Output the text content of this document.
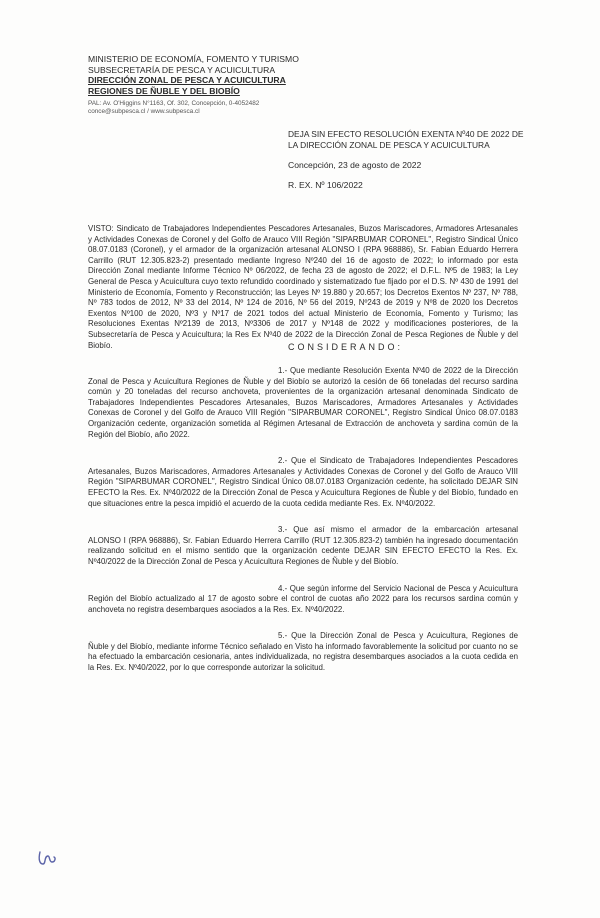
MINISTERIO DE ECONOMÍA, FOMENTO Y TURISMO
SUBSECRETARÍA DE PESCA Y ACUICULTURA
DIRECCIÓN ZONAL DE PESCA Y ACUICULTURA
REGIONES DE ÑUBLE Y DEL BIOBÍO
PAL: Av. O'Higgins N°1163, Of. 302, Concepción, 0-4052482
conce@subpesca.cl / www.subpesca.cl
DEJA SIN EFECTO RESOLUCIÓN EXENTA Nº40 DE 2022 DE
LA DIRECCIÓN ZONAL DE PESCA Y ACUICULTURA
Concepción, 23 de agosto de 2022
R. EX. Nº 106/2022

VISTO: Sindicato de Trabajadores Independientes Pescadores Artesanales, Buzos Mariscadores, Armadores Artesanales y Actividades Conexas de Coronel y del Golfo de Arauco VIII Región "SIPARBUMAR CORONEL", Registro Sindical Único 08.07.0183 (Coronel), y el armador de la organización artesanal ALONSO I (RPA 968886), Sr. Fabian Eduardo Herrera Carrillo (RUT 12.305.823-2) presentado mediante Ingreso Nº240 del 16 de agosto de 2022; lo informado por esta Dirección Zonal mediante Informe Técnico Nº 06/2022, de fecha 23 de agosto de 2022; el D.F.L. Nº5 de 1983; la Ley General de Pesca y Acuicultura cuyo texto refundido coordinado y sistematizado fue fijado por el D.S. Nº 430 de 1991 del Ministerio de Economía, Fomento y Reconstrucción; las Leyes Nº 19.880 y 20.657; los Decretos Exentos Nº 237, Nº 788, Nº 783 todos de 2012, Nº 33 del 2014, Nº 124 de 2016, Nº 56 del 2019, Nº243 de 2019 y Nº8 de 2020 los Decretos Exentos Nº100 de 2020, Nº3 y Nº17 de 2021 todos del actual Ministerio de Economía, Fomento y Turismo; las Resoluciones Exentas Nº2139 de 2013, Nº3306 de 2017 y Nº148 de 2022 y modificaciones posteriores, de la Subsecretaría de Pesca y Acuicultura; la Res Ex Nº40 de 2022 de la Dirección Zonal de Pesca Regiones de Ñuble y del Biobío.	CONSIDERANDO:

1.- Que mediante Resolución Exenta Nº40 de 2022 de la Dirección Zonal de Pesca y Acuicultura Regiones de Ñuble y del Biobío se autorizó la cesión de 66 toneladas del recurso sardina común y 20 toneladas del recurso anchoveta, provenientes de la organización artesanal denominada Sindicato de Trabajadores Independientes Pescadores Artesanales, Buzos Mariscadores, Armadores Artesanales y Actividades Conexas de Coronel y del Golfo de Arauco VIII Región "SIPARBUMAR CORONEL", Registro Sindical Único 08.07.0183 Organización cedente, organización sometida al Régimen Artesanal de Extracción de anchoveta y sardina común de la Región del Biobío, año 2022.

2.- Que el Sindicato de Trabajadores Independientes Pescadores Artesanales, Buzos Mariscadores, Armadores Artesanales y Actividades Conexas de Coronel y del Golfo de Arauco VIII Región "SIPARBUMAR CORONEL", Registro Sindical Único 08.07.0183 Organización cedente, ha solicitado DEJAR SIN EFECTO la Res. Ex. Nº40/2022 de la Dirección Zonal de Pesca y Acuicultura Regiones de Ñuble y del Biobío, fundado en que situaciones entre la pesca impidió el acuerdo de la cuota cedida mediante Res. Ex. Nº40/2022.

3.- Que así mismo el armador de la embarcación artesanal ALONSO I (RPA 968886), Sr. Fabian Eduardo Herrera Carrillo (RUT 12.305.823-2) también ha ingresado documentación realizando solicitud en el mismo sentido que la organización cedente DEJAR SIN EFECTO EFECTO la Res. Ex. Nº40/2022 de la Dirección Zonal de Pesca y Acuicultura Regiones de Ñuble y del Biobío.

4.- Que según informe del Servicio Nacional de Pesca y Acuicultura Región del Biobío actualizado al 17 de agosto sobre el control de cuotas año 2022 para los recursos sardina común y anchoveta no registra desembarques asociados a la Res. Ex. Nº40/2022.

5.- Que la Dirección Zonal de Pesca y Acuicultura, Regiones de Ñuble y del Biobío, mediante informe Técnico señalado en Visto ha informado favorablemente la solicitud por cuanto no se ha efectuado la embarcación cesionaria, antes individualizada, no registra desembarques asociados a la cuota cedida en la Res. Ex. Nº40/2022, por lo que corresponde autorizar la solicitud.
